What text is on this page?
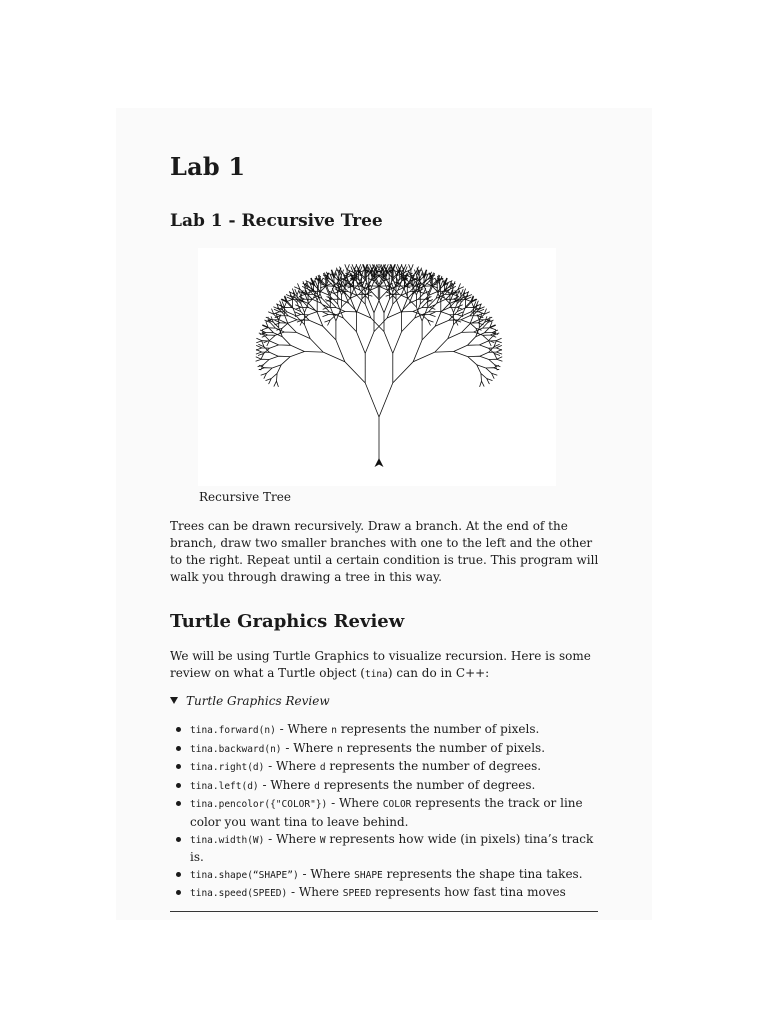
Lab 1
Lab 1 - Recursive Tree

Recursive Tree

Trees can be drawn recursively. Draw a branch. At the end of the branch, draw two smaller branches with one to the left and the other to the right. Repeat until a certain condition is true. This program will walk you through drawing a tree in this way.

Turtle Graphics Review

We will be using Turtle Graphics to visualize recursion. Here is some review on what a Turtle object (tina) can do in C++:

Turtle Graphics Review

tina.forward(n) - Where n represents the number of pixels.
tina.backward(n) - Where n represents the number of pixels.
tina.right(d) - Where d represents the number of degrees.
tina.left(d) - Where d represents the number of degrees.
tina.pencolor({"COLOR"}) - Where COLOR represents the track or line color you want tina to leave behind.
tina.width(W) - Where W represents how wide (in pixels) tina’s track is.
tina.shape(“SHAPE”) - Where SHAPE represents the shape tina takes.
tina.speed(SPEED) - Where SPEED represents how fast tina moves
